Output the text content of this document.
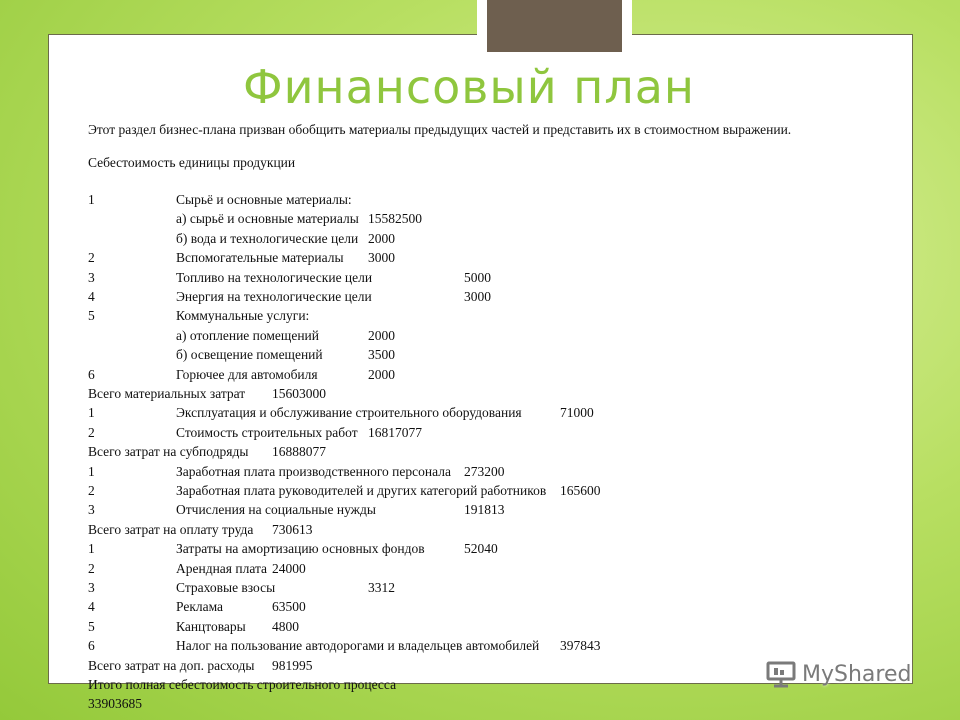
Финансовый план
Этот раздел бизнес-плана призван обобщить материалы предыдущих частей и представить их в стоимостном выражении.
Себестоимость единицы продукции
1	Сырьё и основные материалы:
а) сырьё и основные материалы 15582500
б) вода и технологические цели 2000
2	Вспомогательные материалы 3000
3	Топливо на технологические цели	5000
4	Энергия на технологические цели	3000
5	Коммунальные услуги:
а) отопление помещений	2000
б) освещение помещений	3500
6	Горючее для автомобиля	2000
Всего материальных затрат 15603000
1	Эксплуатация и обслуживание строительного оборудования	71000
2	Стоимость строительных работ 16817077
Всего затрат на субподряды 16888077
1	Заработная плата производственного персонала 273200
2	Заработная плата руководителей и других категорий работников 165600
3	Отчисления на социальные нужды	191813
Всего затрат на оплату труда 730613
1	Затраты на амортизацию основных фондов	52040
2	Арендная плата 24000
3	Страховые взосы	3312
4	Реклама	63500
5	Канцтовары 4800
6	Налог на пользование автодорогами и владельцев автомобилей 397843
Всего затрат на доп. расходы 981995
Итого полная себестоимость строительного процесса
33903685
MyShared
